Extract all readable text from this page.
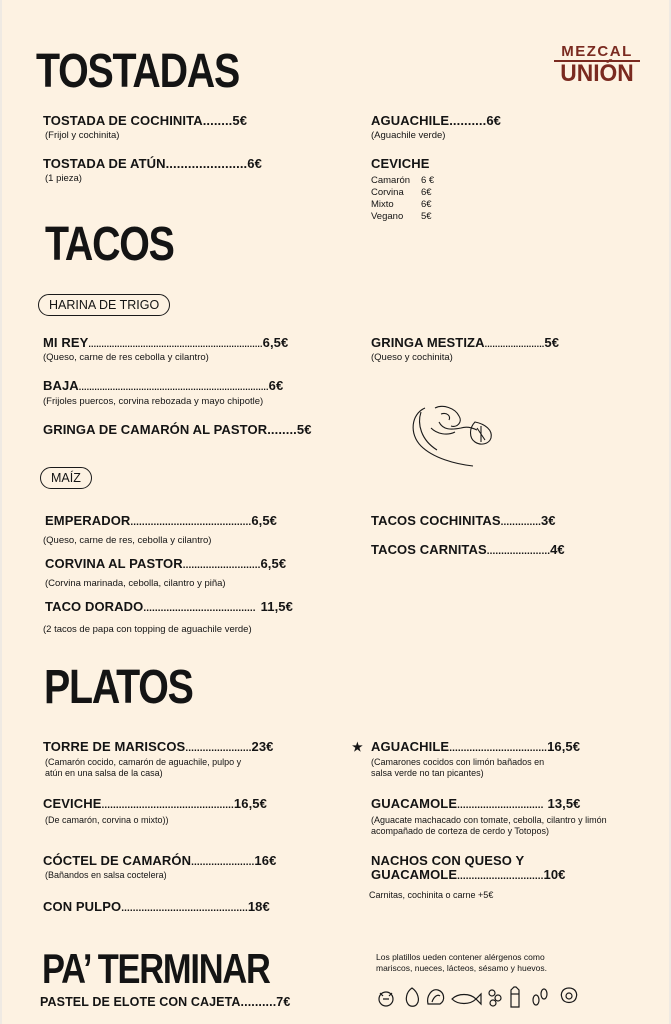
MEZCAL
UNIÓN
TOSTADAS
TOSTADA DE COCHINITA........5€
(Frijol y cochinita)
TOSTADA DE ATÚN......................6€
(1 pieza)
AGUACHILE..........6€
(Aguachile verde)
CEVICHE
Camarón 6 €
Corvina 6€
Mixto	6€
Vegano 5€
TACOS
HARINA DE TRIGO
MI REY...................................................................6,5€
(Queso, carne de res cebolla y cilantro)
BAJA.........................................................................6€
(Frijoles puercos, corvina rebozada y mayo chipotle)
GRINGA DE CAMARÓN AL PASTOR........5€
GRINGA MESTIZA.......................5€
(Queso y cochinita)
MAÍZ
EMPERADOR..........................................6,5€
(Queso, carne de res, cebolla y cilantro)
CORVINA AL PASTOR...........................6,5€
(Corvina marinada, cebolla, cilantro y piña)
TACO DORADO....................................... 11,5€
(2 tacos de papa con topping de aguachile verde)
TACOS COCHINITAS..............3€
TACOS CARNITAS......................4€
PLATOS
TORRE DE MARISCOS.......................23€
(Camarón cocido, camarón de aguachile, pulpo y atún en una salsa de la casa)
CEVICHE..............................................16,5€
(De camarón, corvina o mixto))
CÓCTEL DE CAMARÓN......................16€
(Bañandos en salsa coctelera)
CON PULPO............................................18€
★ AGUACHILE..................................16,5€
(Camarones cocidos con limón bañados en salsa verde no tan picantes)
GUACAMOLE.............................. 13,5€
(Aguacate machacado con tomate, cebolla, cilantro y limón acompañado de corteza de cerdo y Totopos)
NACHOS CON QUESO Y
GUACAMOLE..............................10€
Carnitas, cochinita o carne +5€
PA’ TERMINAR
PASTEL DE ELOTE CON CAJETA..........7€
Los platillos ueden contener alérgenos como mariscos, nueces, lácteos, sésamo y huevos.
